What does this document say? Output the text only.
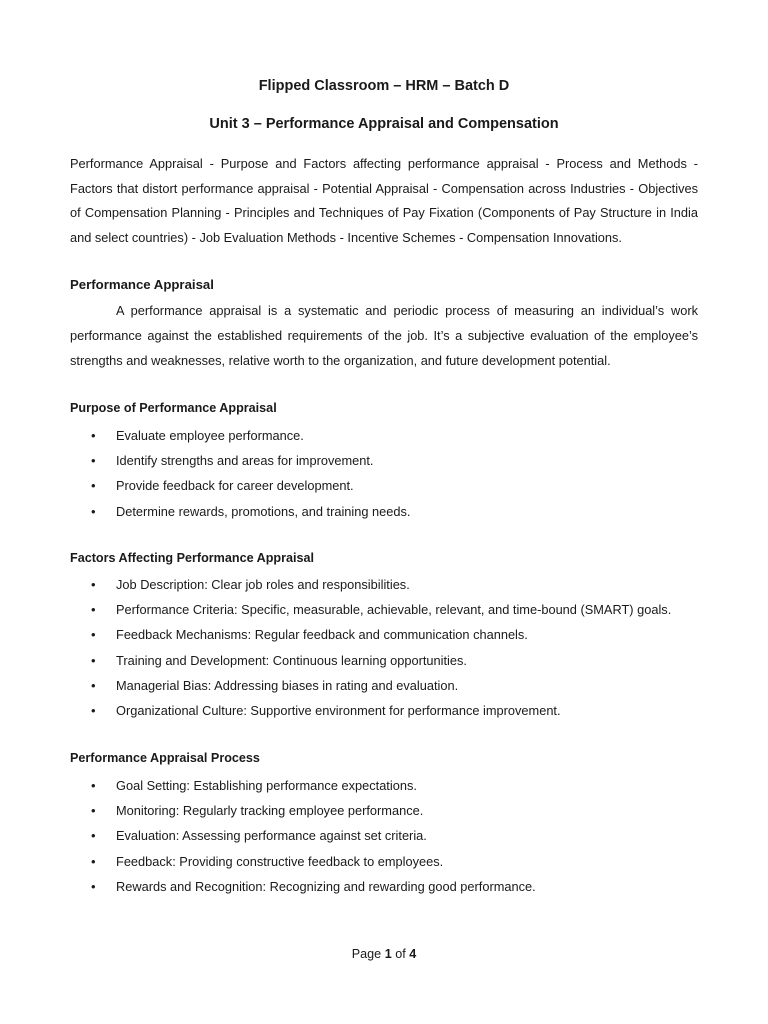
Flipped Classroom – HRM – Batch D
Unit 3 – Performance Appraisal and Compensation
Performance Appraisal - Purpose and Factors affecting performance appraisal - Process and Methods - Factors that distort performance appraisal - Potential Appraisal - Compensation across Industries - Objectives of Compensation Planning - Principles and Techniques of Pay Fixation (Components of Pay Structure in India and select countries) - Job Evaluation Methods - Incentive Schemes - Compensation Innovations.
Performance Appraisal
A performance appraisal is a systematic and periodic process of measuring an individual’s work performance against the established requirements of the job. It’s a subjective evaluation of the employee’s strengths and weaknesses, relative worth to the organization, and future development potential.
Purpose of Performance Appraisal
• Evaluate employee performance.
• Identify strengths and areas for improvement.
• Provide feedback for career development.
• Determine rewards, promotions, and training needs.
Factors Affecting Performance Appraisal
• Job Description: Clear job roles and responsibilities.
• Performance Criteria: Specific, measurable, achievable, relevant, and time-bound (SMART) goals.
• Feedback Mechanisms: Regular feedback and communication channels.
• Training and Development: Continuous learning opportunities.
• Managerial Bias: Addressing biases in rating and evaluation.
• Organizational Culture: Supportive environment for performance improvement.
Performance Appraisal Process
• Goal Setting: Establishing performance expectations.
• Monitoring: Regularly tracking employee performance.
• Evaluation: Assessing performance against set criteria.
• Feedback: Providing constructive feedback to employees.
• Rewards and Recognition: Recognizing and rewarding good performance.
Page 1 of 4
